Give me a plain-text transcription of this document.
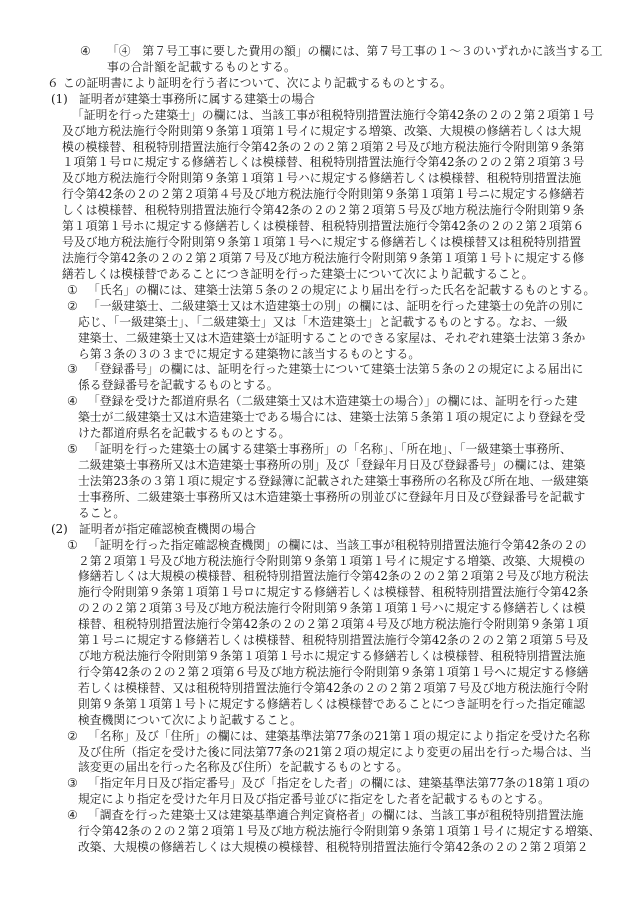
④ 「④　第７号工事に要した費用の額」の欄には、第７号工事の１〜３のいずれかに該当する工
事の合計額を記載するものとする。
６ この証明書により証明を行う者について、次により記載するものとする。
(1) 証明者が建築士事務所に属する建築士の場合
「証明を行った建築士」の欄には、当該工事が租税特別措置法施行令第42条の２の２第２項第１号
及び地方税法施行令附則第９条第１項第１号イに規定する増築、改築、大規模の修繕若しくは大規
模の模様替、租税特別措置法施行令第42条の２の２第２項第２号及び地方税法施行令附則第９条第
１項第１号ロに規定する修繕若しくは模様替、租税特別措置法施行令第42条の２の２第２項第３号
及び地方税法施行令附則第９条第１項第１号ハに規定する修繕若しくは模様替、租税特別措置法施
行令第42条の２の２第２項第４号及び地方税法施行令附則第９条第１項第１号ニに規定する修繕若
しくは模様替、租税特別措置法施行令第42条の２の２第２項第５号及び地方税法施行令附則第９条
第１項第１号ホに規定する修繕若しくは模様替、租税特別措置法施行令第42条の２の２第２項第６
号及び地方税法施行令附則第９条第１項第１号ヘに規定する修繕若しくは模様替又は租税特別措置
法施行令第42条の２の２第２項第７号及び地方税法施行令附則第９条第１項第１号トに規定する修
繕若しくは模様替であることにつき証明を行った建築士について次により記載すること。
① 「氏名」の欄には、建築士法第５条の２の規定により届出を行った氏名を記載するものとする。
② 「一級建築士、二級建築士又は木造建築士の別」の欄には、証明を行った建築士の免許の別に
応じ、「一級建築士」、「二級建築士」又は「木造建築士」と記載するものとする。なお、一級
建築士、二級建築士又は木造建築士が証明することのできる家屋は、それぞれ建築士法第３条か
ら第３条の３の３までに規定する建築物に該当するものとする。
③ 「登録番号」の欄には、証明を行った建築士について建築士法第５条の２の規定による届出に
係る登録番号を記載するものとする。
④ 「登録を受けた都道府県名（二級建築士又は木造建築士の場合）」の欄には、証明を行った建
築士が二級建築士又は木造建築士である場合には、建築士法第５条第１項の規定により登録を受
けた都道府県名を記載するものとする。
⑤ 「証明を行った建築士の属する建築士事務所」の「名称」、「所在地」、「一級建築士事務所、
二級建築士事務所又は木造建築士事務所の別」及び「登録年月日及び登録番号」の欄には、建築
士法第23条の３第１項に規定する登録簿に記載された建築士事務所の名称及び所在地、一級建築
士事務所、二級建築士事務所又は木造建築士事務所の別並びに登録年月日及び登録番号を記載す
ること。
(2) 証明者が指定確認検査機関の場合
① 「証明を行った指定確認検査機関」の欄には、当該工事が租税特別措置法施行令第42条の２の
２第２項第１号及び地方税法施行令附則第９条第１項第１号イに規定する増築、改築、大規模の
修繕若しくは大規模の模様替、租税特別措置法施行令第42条の２の２第２項第２号及び地方税法
施行令附則第９条第１項第１号ロに規定する修繕若しくは模様替、租税特別措置法施行令第42条
の２の２第２項第３号及び地方税法施行令附則第９条第１項第１号ハに規定する修繕若しくは模
様替、租税特別措置法施行令第42条の２の２第２項第４号及び地方税法施行令附則第９条第１項
第１号ニに規定する修繕若しくは模様替、租税特別措置法施行令第42条の２の２第２項第５号及
び地方税法施行令附則第９条第１項第１号ホに規定する修繕若しくは模様替、租税特別措置法施
行令第42条の２の２第２項第６号及び地方税法施行令附則第９条第１項第１号ヘに規定する修繕
若しくは模様替、又は租税特別措置法施行令第42条の２の２第２項第７号及び地方税法施行令附
則第９条第１項第１号トに規定する修繕若しくは模様替であることにつき証明を行った指定確認
検査機関について次により記載すること。
② 「名称」及び「住所」の欄には、建築基準法第77条の21第１項の規定により指定を受けた名称
及び住所（指定を受けた後に同法第77条の21第２項の規定により変更の届出を行った場合は、当
該変更の届出を行った名称及び住所）を記載するものとする。
③ 「指定年月日及び指定番号」及び「指定をした者」の欄には、建築基準法第77条の18第１項の
規定により指定を受けた年月日及び指定番号並びに指定をした者を記載するものとする。
④ 「調査を行った建築士又は建築基準適合判定資格者」の欄には、当該工事が租税特別措置法施
行令第42条の２の２第２項第１号及び地方税法施行令附則第９条第１項第１号イに規定する増築、
改築、大規模の修繕若しくは大規模の模様替、租税特別措置法施行令第42条の２の２第２項第２
